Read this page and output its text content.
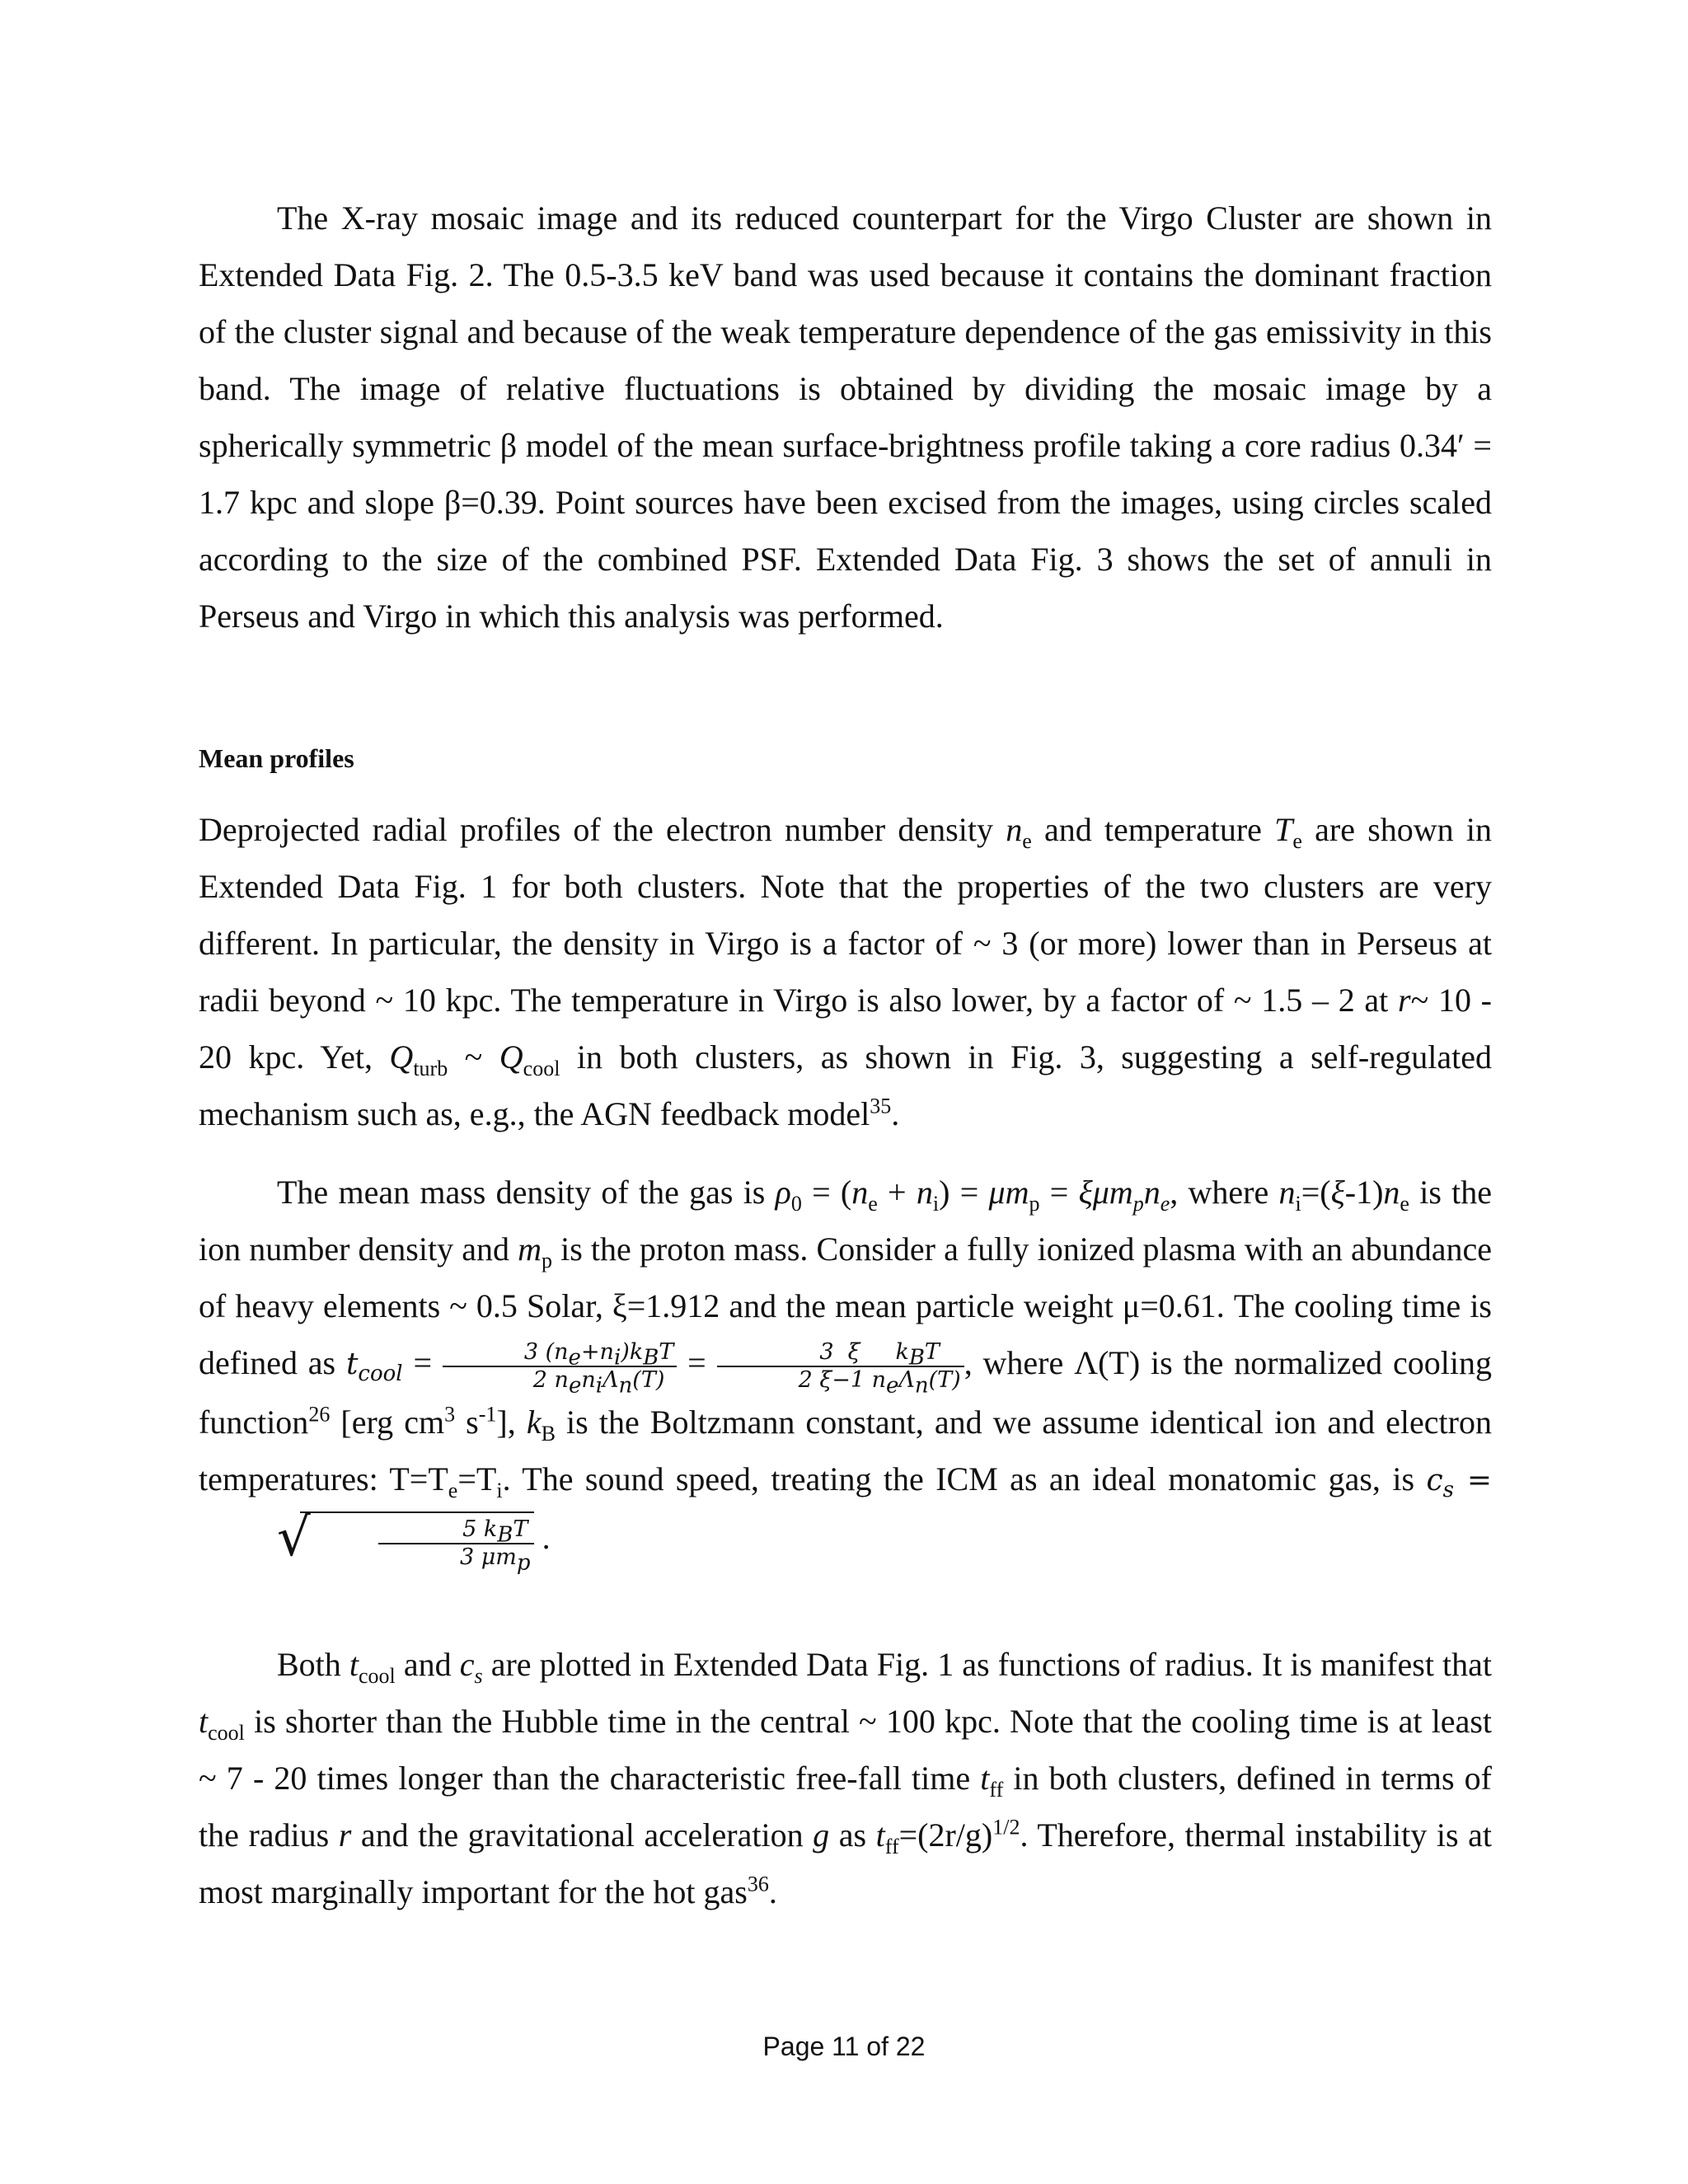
The X-ray mosaic image and its reduced counterpart for the Virgo Cluster are shown in Extended Data Fig. 2. The 0.5-3.5 keV band was used because it contains the dominant fraction of the cluster signal and because of the weak temperature dependence of the gas emissivity in this band. The image of relative fluctuations is obtained by dividing the mosaic image by a spherically symmetric β model of the mean surface-brightness profile taking a core radius 0.34′ = 1.7 kpc and slope β=0.39. Point sources have been excised from the images, using circles scaled according to the size of the combined PSF. Extended Data Fig. 3 shows the set of annuli in Perseus and Virgo in which this analysis was performed.

Mean profiles

Deprojected radial profiles of the electron number density $n_e$ and temperature $T_e$ are shown in Extended Data Fig. 1 for both clusters. Note that the properties of the two clusters are very different. In particular, the density in Virgo is a factor of ~ 3 (or more) lower than in Perseus at radii beyond ~ 10 kpc. The temperature in Virgo is also lower, by a factor of ~ 1.5 – 2 at r~ 10 - 20 kpc. Yet, $Q_{turb}$ ~ $Q_{cool}$ in both clusters, as shown in Fig. 3, suggesting a self-regulated mechanism such as, e.g., the AGN feedback model$^{35}$.

The mean mass density of the gas is $\rho_0 = (n_e + n_i) = \mu m_p = \xi\mu m_pn_e$, where $n_i=(\xi-1)n_e$ is the ion number density and $m_p$ is the proton mass. Consider a fully ionized plasma with an abundance of heavy elements ~ 0.5 Solar, ξ=1.912 and the mean particle weight μ=0.61. The cooling time is defined as $t_{cool} = \frac{3 (n_e+n_i)k_BT}{2 n_en_i\Lambda_n(T)} = \frac{3 \xi k_BT}{2 \xi-1 n_e\Lambda_n(T)}$ , where Λ(T) is the normalized cooling function$^{26}$ [erg $cm^3$ $s^{-1}$], $k_B$ is the Boltzmann constant, and we assume identical ion and electron temperatures: $T=T_e=T_i$. The sound speed, treating the ICM as an ideal monatomic gas, is $c_s$ =
√	$\frac{5 k_BT}{3 \mu m_p}$ .

Both $t_{cool}$ and $c_s$ are plotted in Extended Data Fig. 1 as functions of radius. It is manifest that $t_{cool}$ is shorter than the Hubble time in the central ~ 100 kpc. Note that the cooling time is at least ~ 7 - 20 times longer than the characteristic free-fall time $t_{ff}$ in both clusters, defined in terms of the radius r and the gravitational acceleration g as $t_{ff}=(2r/g)^{1/2}$. Therefore, thermal instability is at most marginally important for the hot gas$^{36}$.

Page 11 of 22
